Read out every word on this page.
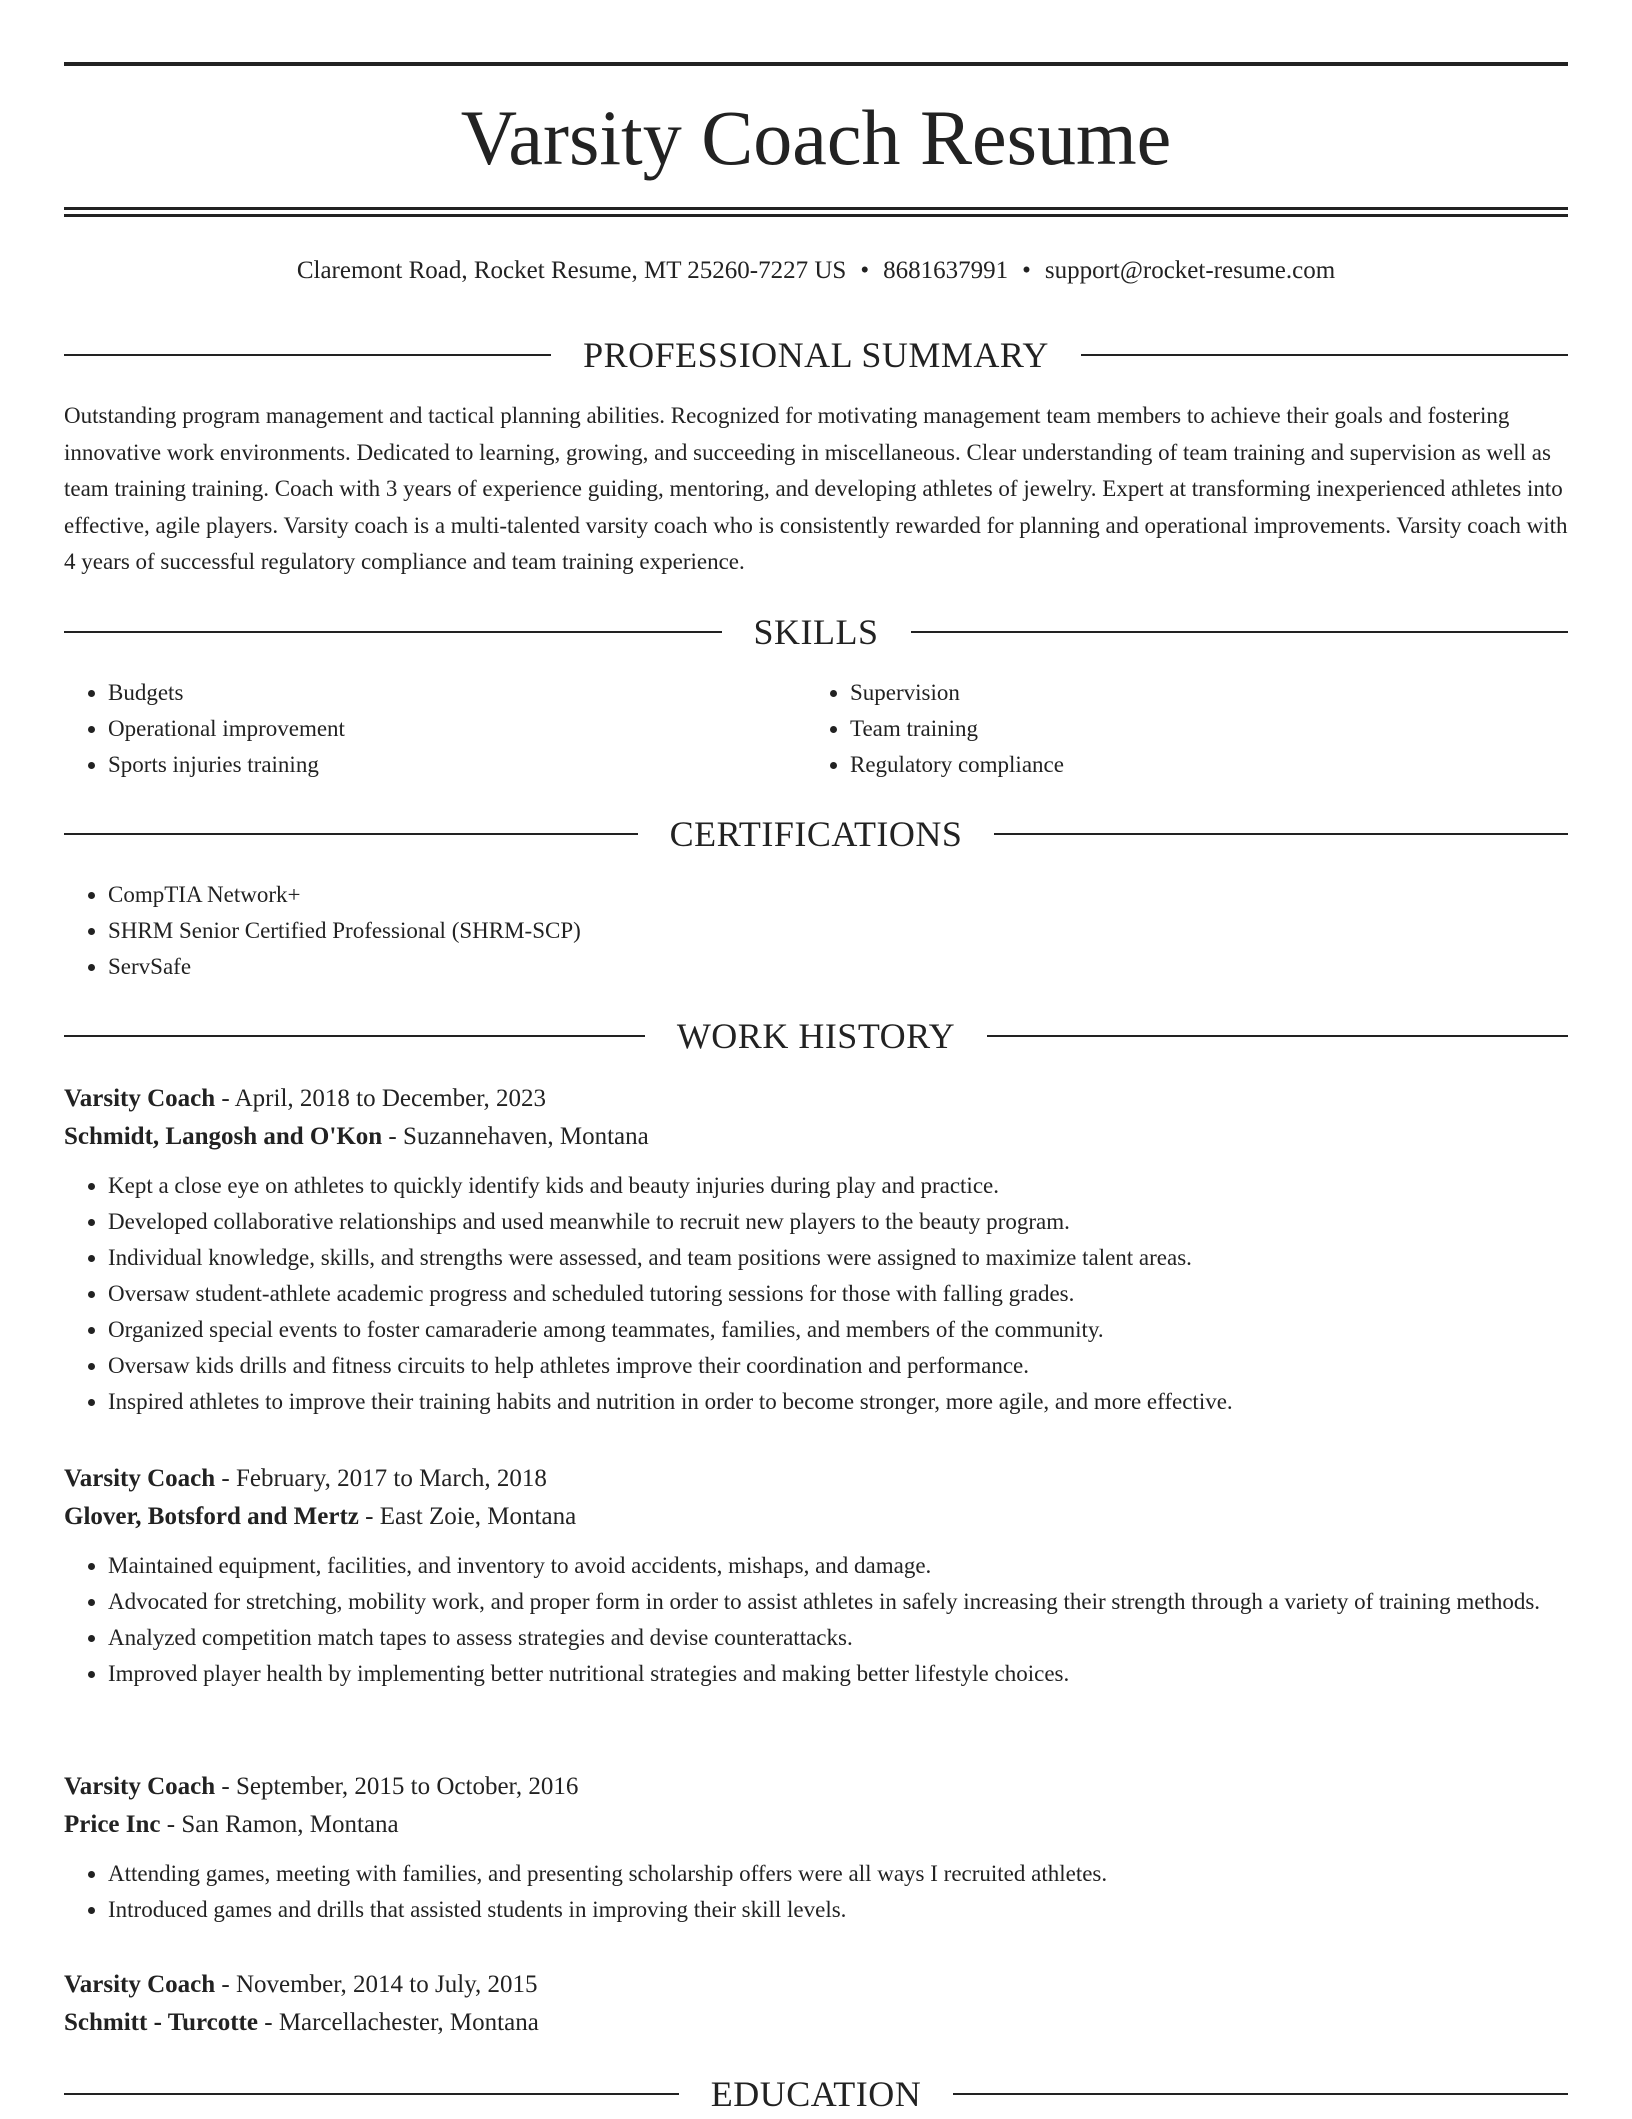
Varsity Coach Resume
Claremont Road, Rocket Resume, MT 25260-7227 US • 8681637991 • support@rocket-resume.com
PROFESSIONAL SUMMARY

Outstanding program management and tactical planning abilities. Recognized for motivating management team members to achieve their goals and fostering innovative work environments. Dedicated to learning, growing, and succeeding in miscellaneous. Clear understanding of team training and supervision as well as team training training. Coach with 3 years of experience guiding, mentoring, and developing athletes of jewelry. Expert at transforming inexperienced athletes into effective, agile players. Varsity coach is a multi-talented varsity coach who is consistently rewarded for planning and operational improvements. Varsity coach with 4 years of successful regulatory compliance and team training experience.

SKILLS
• Budgets
• Operational improvement
• Sports injuries training
• Supervision
• Team training
• Regulatory compliance
CERTIFICATIONS
• CompTIA Network+
• SHRM Senior Certified Professional (SHRM-SCP)
• ServSafe
WORK HISTORY
Varsity Coach - April, 2018 to December, 2023
Schmidt, Langosh and O'Kon - Suzannehaven, Montana
• Kept a close eye on athletes to quickly identify kids and beauty injuries during play and practice.
• Developed collaborative relationships and used meanwhile to recruit new players to the beauty program.
• Individual knowledge, skills, and strengths were assessed, and team positions were assigned to maximize talent areas.
• Oversaw student-athlete academic progress and scheduled tutoring sessions for those with falling grades.
• Organized special events to foster camaraderie among teammates, families, and members of the community.
• Oversaw kids drills and fitness circuits to help athletes improve their coordination and performance.
• Inspired athletes to improve their training habits and nutrition in order to become stronger, more agile, and more effective.
Varsity Coach - February, 2017 to March, 2018
Glover, Botsford and Mertz - East Zoie, Montana
• Maintained equipment, facilities, and inventory to avoid accidents, mishaps, and damage.
• Advocated for stretching, mobility work, and proper form in order to assist athletes in safely increasing their strength through a variety of training methods.
• Analyzed competition match tapes to assess strategies and devise counterattacks.
• Improved player health by implementing better nutritional strategies and making better lifestyle choices.
Varsity Coach - September, 2015 to October, 2016
Price Inc - San Ramon, Montana
• Attending games, meeting with families, and presenting scholarship offers were all ways I recruited athletes.
• Introduced games and drills that assisted students in improving their skill levels.
Varsity Coach - November, 2014 to July, 2015
Schmitt - Turcotte - Marcellachester, Montana
EDUCATION
